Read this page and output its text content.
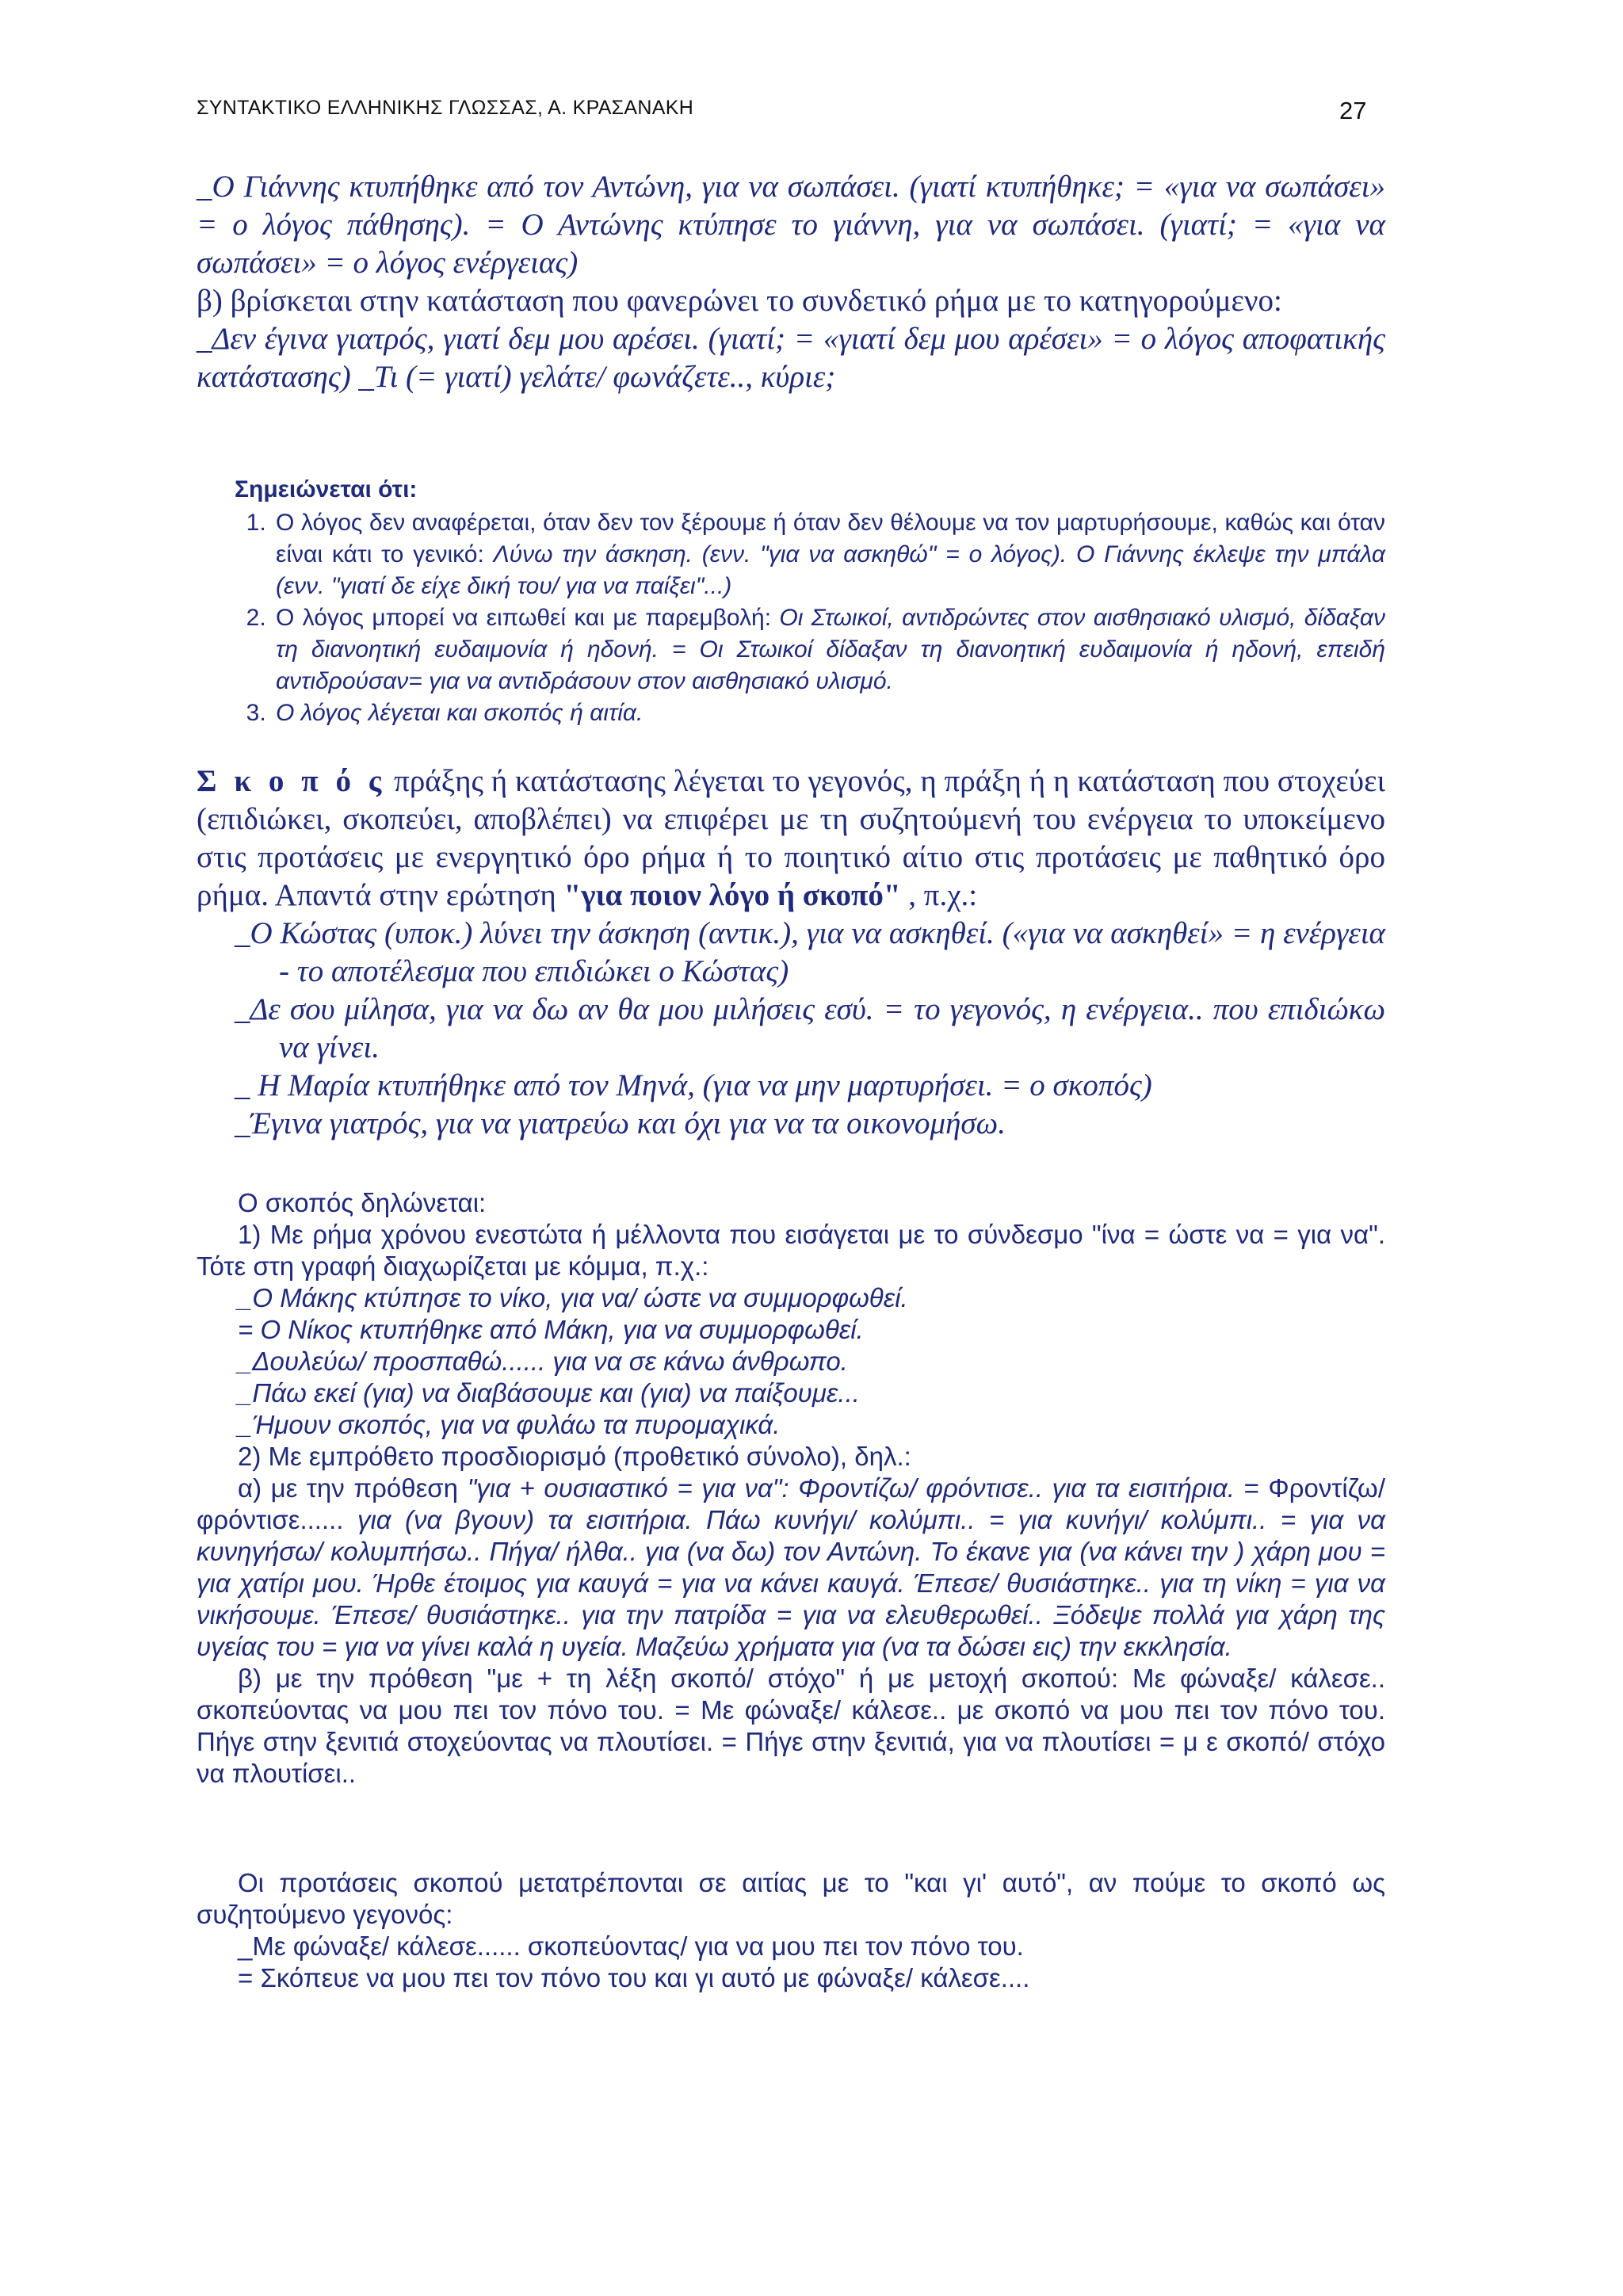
ΣΥΝΤΑΚΤΙΚΟ ΕΛΛΗΝΙΚΗΣ ΓΛΩΣΣΑΣ, Α. ΚΡΑΣΑΝΑΚΗ	27

_Ο Γιάννης κτυπήθηκε από τον Αντώνη, για να σωπάσει. (γιατί κτυπήθηκε; = «για να σωπάσει» = ο λόγος πάθησης). = Ο Αντώνης κτύπησε το γιάννη, για να σωπάσει. (γιατί; = «για να σωπάσει» = ο λόγος ενέργειας)

β) βρίσκεται στην κατάσταση που φανερώνει το συνδετικό ρήμα με το κατηγορούμενο:

_Δεν έγινα γιατρός, γιατί δεμ μου αρέσει. (γιατί; = «γιατί δεμ μου αρέσει» = ο λόγος αποφατικής κατάστασης) _Τι (= γιατί) γελάτε/ φωνάζετε.., κύριε;

Σημειώνεται ότι:

1. Ο λόγος δεν αναφέρεται, όταν δεν τον ξέρουμε ή όταν δεν θέλουμε να τον μαρτυρήσουμε, καθώς και όταν είναι κάτι το γενικό: Λύνω την άσκηση. (ενν. "για να ασκηθώ" = ο λόγος). Ο Γιάννης έκλεψε την μπάλα (ενν. "γιατί δε είχε δική του/ για να παίξει"...)
2. Ο λόγος μπορεί να ειπωθεί και με παρεμβολή: Οι Στωικοί, αντιδρώντες στον αισθησιακό υλισμό, δίδαξαν τη διανοητική ευδαιμονία ή ηδονή. = Οι Στωικοί δίδαξαν τη διανοητική ευδαιμονία ή ηδονή, επειδή αντιδρούσαν= για να αντιδράσουν στον αισθησιακό υλισμό.
3. Ο λόγος λέγεται και σκοπός ή αιτία.

Σ κ ο π ό ς πράξης ή κατάστασης λέγεται το γεγονός, η πράξη ή η κατάσταση που στοχεύει (επιδιώκει, σκοπεύει, αποβλέπει) να επιφέρει με τη συζητούμενή του ενέργεια το υποκείμενο στις προτάσεις με ενεργητικό όρο ρήμα ή το ποιητικό αίτιο στις προτάσεις με παθητικό όρο ρήμα. Απαντά στην ερώτηση "για ποιον λόγο ή σκοπό" , π.χ.:

_Ο Κώστας (υποκ.) λύνει την άσκηση (αντικ.), για να ασκηθεί. («για να ασκηθεί» = η ενέργεια - το αποτέλεσμα που επιδιώκει ο Κώστας)

_Δε σου μίλησα, για να δω αν θα μου μιλήσεις εσύ. = το γεγονός, η ενέργεια.. που επιδιώκω να γίνει.

_ Η Μαρία κτυπήθηκε από τον Μηνά, (για να μην μαρτυρήσει. = ο σκοπός)

_Έγινα γιατρός, για να γιατρεύω και όχι για να τα οικονομήσω.

Ο σκοπός δηλώνεται:

1) Με ρήμα χρόνου ενεστώτα ή μέλλοντα που εισάγεται με το σύνδεσμο "ίνα = ώστε να = για να". Τότε στη γραφή διαχωρίζεται με κόμμα, π.χ.:

_Ο Μάκης κτύπησε το νίκο, για να/ ώστε να συμμορφωθεί.

= Ο Νίκος κτυπήθηκε από Μάκη, για να συμμορφωθεί.

_Δουλεύω/ προσπαθώ...... για να σε κάνω άνθρωπο.

_Πάω εκεί (για) να διαβάσουμε και (για) να παίξουμε...

_Ήμουν σκοπός, για να φυλάω τα πυρομαχικά.

2) Με εμπρόθετο προσδιορισμό (προθετικό σύνολο), δηλ.:

α) με την πρόθεση "για + ουσιαστικό = για να": Φροντίζω/ φρόντισε.. για τα εισιτήρια. = Φροντίζω/ φρόντισε...... για (να βγουν) τα εισιτήρια. Πάω κυνήγι/ κολύμπι.. = για κυνήγι/ κολύμπι.. = για να κυνηγήσω/ κολυμπήσω.. Πήγα/ ήλθα.. για (να δω) τον Αντώνη. Το έκανε για (να κάνει την ) χάρη μου = για χατίρι μου. Ήρθε έτοιμος για καυγά = για να κάνει καυγά. Έπεσε/ θυσιάστηκε.. για τη νίκη = για να νικήσουμε. Έπεσε/ θυσιάστηκε.. για την πατρίδα = για να ελευθερωθεί.. Ξόδεψε πολλά για χάρη της υγείας του = για να γίνει καλά η υγεία. Μαζεύω χρήματα για (να τα δώσει εις) την εκκλησία.

β) με την πρόθεση "με + τη λέξη σκοπό/ στόχο" ή με μετοχή σκοπού: Με φώναξε/ κάλεσε.. σκοπεύοντας να μου πει τον πόνο του. = Με φώναξε/ κάλεσε.. με σκοπό να μου πει τον πόνο του. Πήγε στην ξενιτιά στοχεύοντας να πλουτίσει. = Πήγε στην ξενιτιά, για να πλουτίσει = μ ε σκοπό/ στόχο να πλουτίσει..

Οι προτάσεις σκοπού μετατρέπονται σε αιτίας με το "και γι' αυτό", αν πούμε το σκοπό ως συζητούμενο γεγονός:

_Με φώναξε/ κάλεσε...... σκοπεύοντας/ για να μου πει τον πόνο του.

= Σκόπευε να μου πει τον πόνο του και γι αυτό με φώναξε/ κάλεσε....
